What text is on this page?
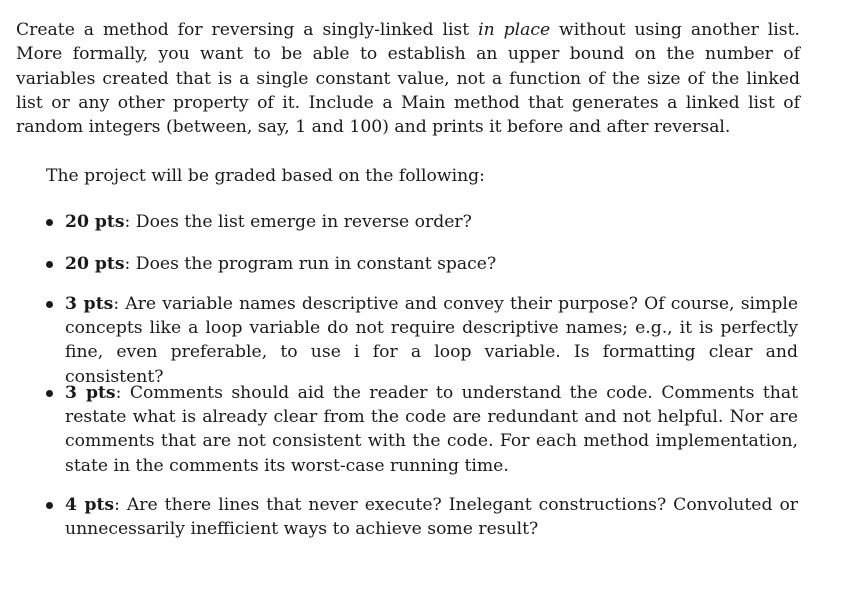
Create a method for reversing a singly-linked list in place without using another list. More formally, you want to be able to establish an upper bound on the number of variables created that is a single constant value, not a function of the size of the linked list or any other property of it. Include a Main method that generates a linked list of random integers (between, say, 1 and 100) and prints it before and after reversal.

The project will be graded based on the following:

20 pts: Does the list emerge in reverse order?
20 pts: Does the program run in constant space?
3 pts: Are variable names descriptive and convey their purpose? Of course, simple concepts like a loop variable do not require descriptive names; e.g., it is perfectly fine, even preferable, to use i for a loop variable. Is formatting clear and consistent?
3 pts: Comments should aid the reader to understand the code. Comments that restate what is already clear from the code are redundant and not helpful. Nor are comments that are not consistent with the code. For each method implementation, state in the comments its worst-case running time.
4 pts: Are there lines that never execute? Inelegant constructions? Convoluted or unnecessarily inefficient ways to achieve some result?
